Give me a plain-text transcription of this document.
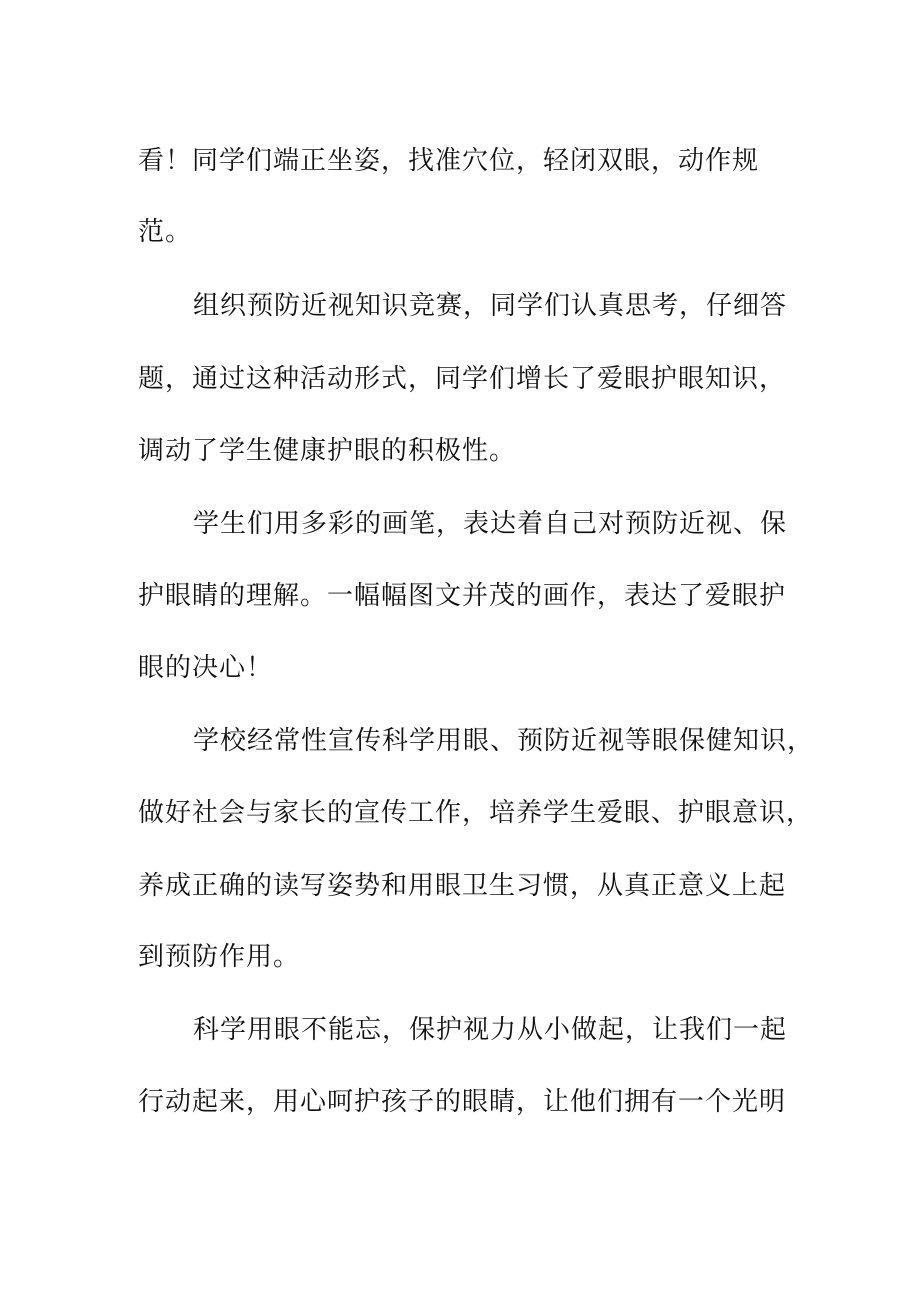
看！同学们端正坐姿，找准穴位，轻闭双眼，动作规
范。
组织预防近视知识竞赛，同学们认真思考，仔细答
题，通过这种活动形式，同学们增长了爱眼护眼知识，
调动了学生健康护眼的积极性。
学生们用多彩的画笔，表达着自己对预防近视、保
护眼睛的理解。一幅幅图文并茂的画作，表达了爱眼护
眼的决心！
学校经常性宣传科学用眼、预防近视等眼保健知识，
做好社会与家长的宣传工作，培养学生爱眼、护眼意识，
养成正确的读写姿势和用眼卫生习惯，从真正意义上起
到预防作用。
科学用眼不能忘，保护视力从小做起，让我们一起
行动起来，用心呵护孩子的眼睛，让他们拥有一个光明
